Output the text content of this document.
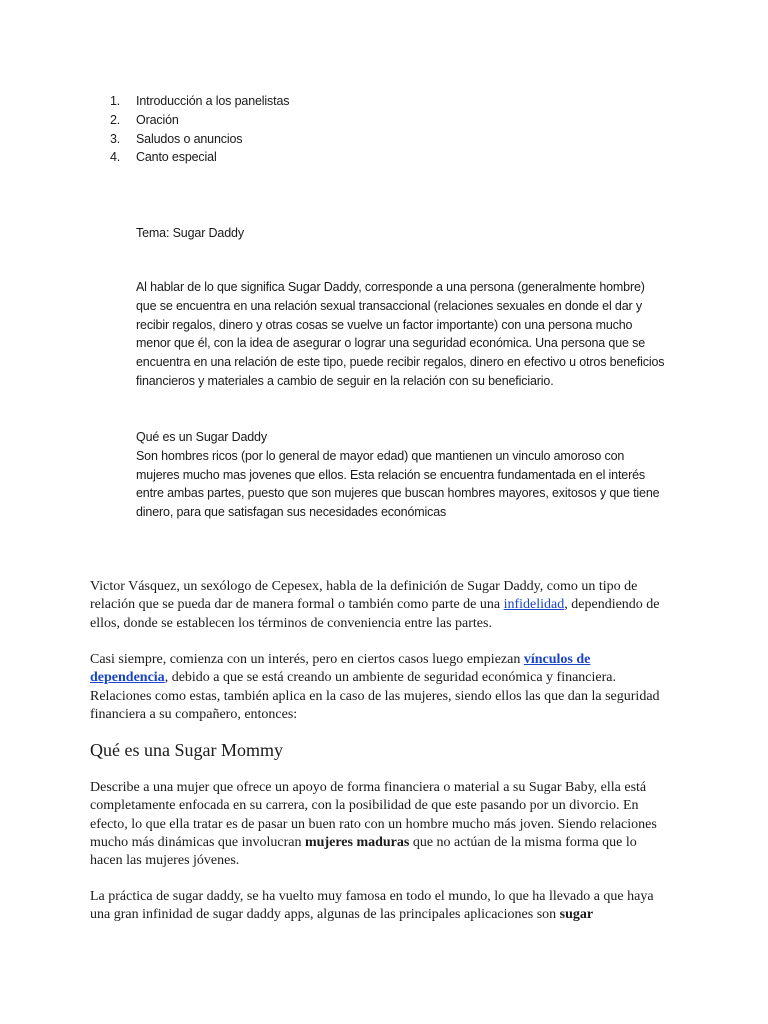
1. Introducción a los panelistas
2. Oración
3. Saludos o anuncios
4. Canto especial

Tema: Sugar Daddy

Al hablar de lo que significa Sugar Daddy, corresponde a una persona (generalmente hombre) que se encuentra en una relación sexual transaccional (relaciones sexuales en donde el dar y recibir regalos, dinero y otras cosas se vuelve un factor importante) con una persona mucho menor que él, con la idea de asegurar o lograr una seguridad económica. Una persona que se encuentra en una relación de este tipo, puede recibir regalos, dinero en efectivo u otros beneficios financieros y materiales a cambio de seguir en la relación con su beneficiario.

Qué es un Sugar Daddy

Son hombres ricos (por lo general de mayor edad) que mantienen un vinculo amoroso con mujeres mucho mas jovenes que ellos. Esta relación se encuentra fundamentada en el interés entre ambas partes, puesto que son mujeres que buscan hombres mayores, exitosos y que tiene dinero, para que satisfagan sus necesidades económicas

Victor Vásquez, un sexólogo de Cepesex, habla de la definición de Sugar Daddy, como un tipo de relación que se pueda dar de manera formal o también como parte de una infidelidad, dependiendo de ellos, donde se establecen los términos de conveniencia entre las partes.

Casi siempre, comienza con un interés, pero en ciertos casos luego empiezan vínculos de dependencia, debido a que se está creando un ambiente de seguridad económica y financiera. Relaciones como estas, también aplica en la caso de las mujeres, siendo ellos las que dan la seguridad financiera a su compañero, entonces:

Qué es una Sugar Mommy

Describe a una mujer que ofrece un apoyo de forma financiera o material a su Sugar Baby, ella está completamente enfocada en su carrera, con la posibilidad de que este pasando por un divorcio. En efecto, lo que ella tratar es de pasar un buen rato con un hombre mucho más joven. Siendo relaciones mucho más dinámicas que involucran mujeres maduras que no actúan de la misma forma que lo hacen las mujeres jóvenes.

La práctica de sugar daddy, se ha vuelto muy famosa en todo el mundo, lo que ha llevado a que haya una gran infinidad de sugar daddy apps, algunas de las principales aplicaciones son sugar
